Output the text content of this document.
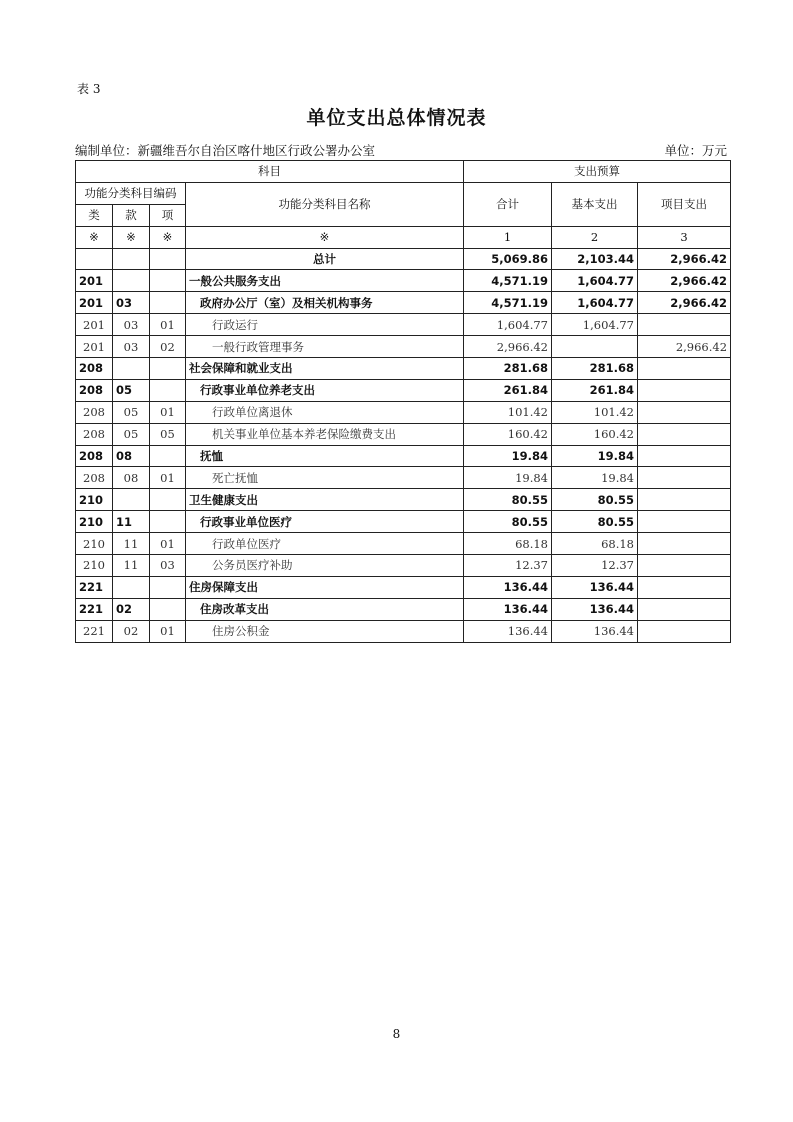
表 3
单位支出总体情况表
编制单位：新疆维吾尔自治区喀什地区行政公署办公室	单位：万元
科目				支出预算		
功能分类科目编码			功能分类科目名称	合计	基本支出	项目支出
类	款	项				
※	※	※	※	1	2	3
			总计	5,069.86	2,103.44	2,966.42
201			一般公共服务支出	4,571.19	1,604.77	2,966.42
201	03		政府办公厅（室）及相关机构事务	4,571.19	1,604.77	2,966.42
201	03	01	行政运行	1,604.77	1,604.77	
201	03	02	一般行政管理事务	2,966.42		2,966.42
208			社会保障和就业支出	281.68	281.68	
208	05		行政事业单位养老支出	261.84	261.84	
208	05	01	行政单位离退休	101.42	101.42	
208	05	05	机关事业单位基本养老保险缴费支出	160.42	160.42	
208	08		抚恤	19.84	19.84	
208	08	01	死亡抚恤	19.84	19.84	
210			卫生健康支出	80.55	80.55	
210	11		行政事业单位医疗	80.55	80.55	
210	11	01	行政单位医疗	68.18	68.18	
210	11	03	公务员医疗补助	12.37	12.37	
221			住房保障支出	136.44	136.44	
221	02		住房改革支出	136.44	136.44	
221	02	01	住房公积金	136.44	136.44	
8
